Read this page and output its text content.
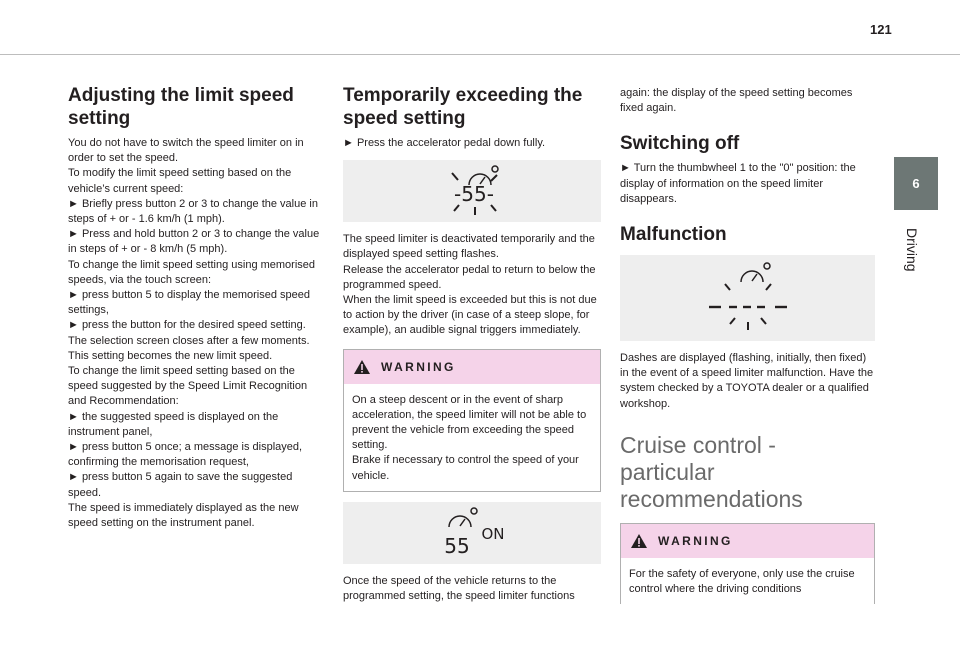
121
6
Driving
Adjusting the limit speed setting

You do not have to switch the speed limiter on in order to set the speed.

To modify the limit speed setting based on the vehicle’s current speed:

► Briefly press button 2 or 3 to change the value in steps of + or - 1.6 km/h (1 mph).

► Press and hold button 2 or 3 to change the value in steps of + or - 8 km/h (5 mph).

To change the limit speed setting using memorised speeds, via the touch screen:

► press button 5 to display the memorised speed settings,

► press the button for the desired speed setting.

The selection screen closes after a few moments.

This setting becomes the new limit speed.

To change the limit speed setting based on the speed suggested by the Speed Limit Recognition and Recommendation:

► the suggested speed is displayed on the instrument panel,

► press button 5 once; a message is displayed, confirming the memorisation request,

► press button 5 again to save the suggested speed.

The speed is immediately displayed as the new speed setting on the instrument panel.

Temporarily exceeding the speed setting

► Press the accelerator pedal down fully.

-55-

The speed limiter is deactivated temporarily and the displayed speed setting flashes.

Release the accelerator pedal to return to below the programmed speed.

When the limit speed is exceeded but this is not due to action by the driver (in case of a steep slope, for example), an audible signal triggers immediately.

WARNING

On a steep descent or in the event of sharp acceleration, the speed limiter will not be able to prevent the vehicle from exceeding the speed setting.

Brake if necessary to control the speed of your vehicle.

55 ON

Once the speed of the vehicle returns to the programmed setting, the speed limiter functions

again: the display of the speed setting becomes fixed again.

Switching off

► Turn the thumbwheel 1 to the "0" position: the display of information on the speed limiter disappears.

Malfunction

Dashes are displayed (flashing, initially, then fixed) in the event of a speed limiter malfunction. Have the system checked by a TOYOTA dealer or a qualified workshop.

Cruise control - particular recommendations
WARNING

For the safety of everyone, only use the cruise control where the driving conditions
